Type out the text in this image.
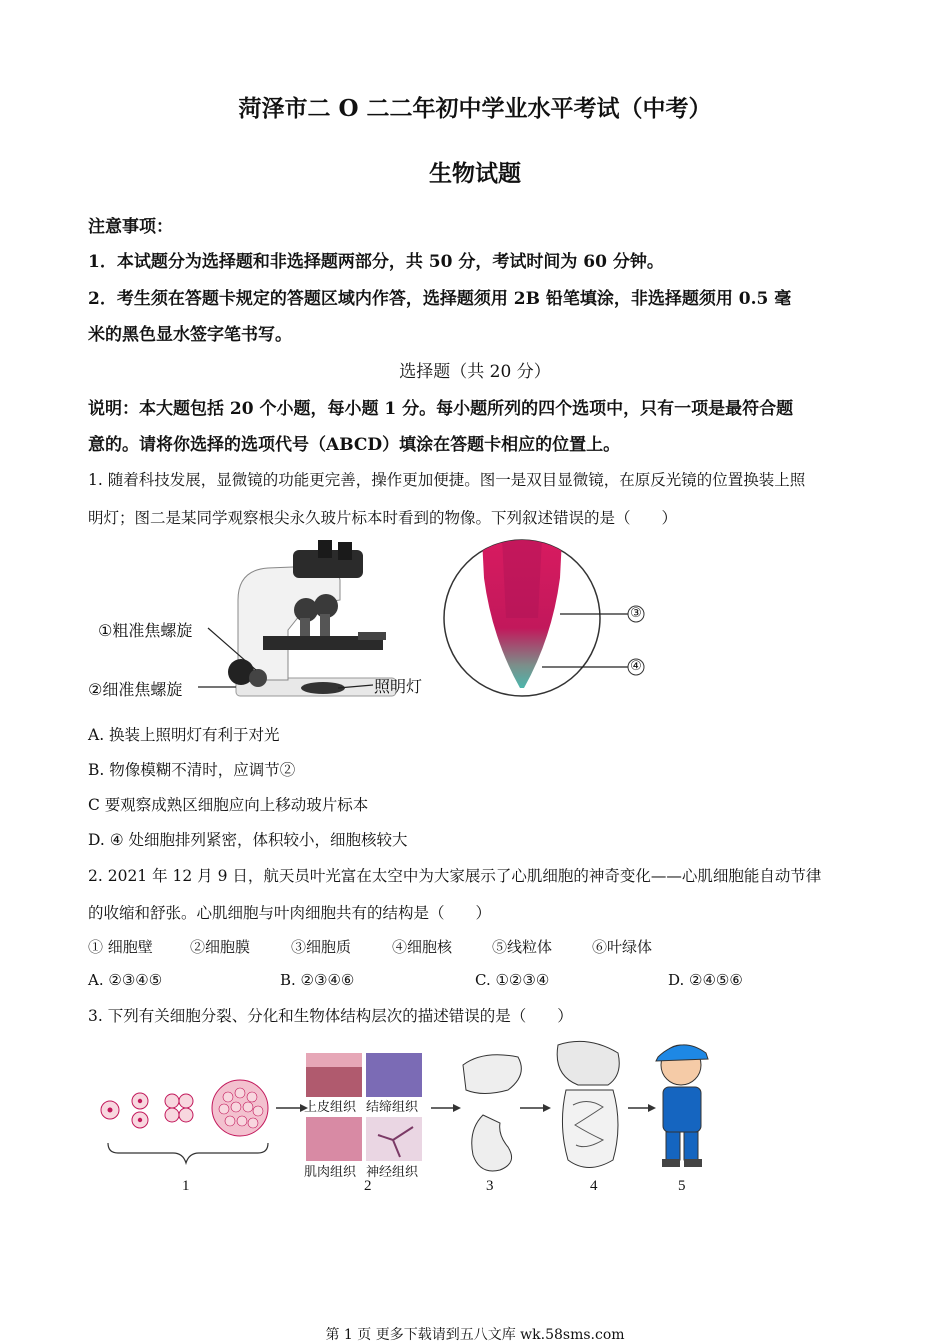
菏泽市二 O 二二年初中学业水平考试（中考）
生物试题
注意事项：
1．本试题分为选择题和非选择题两部分，共 50 分，考试时间为 60 分钟。
2．考生须在答题卡规定的答题区域内作答，选择题须用 2B 铅笔填涂，非选择题须用 0.5 毫
米的黑色显水签字笔书写。
选择题（共 20 分）
说明：本大题包括 20 个小题，每小题 1 分。每小题所列的四个选项中，只有一项是最符合题
意的。请将你选择的选项代号（ABCD）填涂在答题卡相应的位置上。
1. 随着科技发展，显微镜的功能更完善，操作更加便捷。图一是双目显微镜，在原反光镜的位置换装上照
明灯；图二是某同学观察根尖永久玻片标本时看到的物像。下列叙述错误的是（　　）
①粗准焦螺旋
②细准焦螺旋	照明灯
③
④
A. 换装上照明灯有利于对光
B. 物像模糊不清时，应调节②
C 要观察成熟区细胞应向上移动玻片标本
D. ④ 处细胞排列紧密，体积较小，细胞核较大
2. 2021 年 12 月 9 日，航天员叶光富在太空中为大家展示了心肌细胞的神奇变化——心肌细胞能自动节律
的收缩和舒张。心肌细胞与叶肉细胞共有的结构是（　　）
① 细胞壁 ②细胞膜	③细胞质	④细胞核	⑤线粒体	⑥叶绿体
A. ②③④⑤	B. ②③④⑥	C. ①②③④	D. ②④⑤⑥
3. 下列有关细胞分裂、分化和生物体结构层次的描述错误的是（　　）
上皮组织 结缔组织
肌肉组织 神经组织
1	2	3	4	5
第 1 页 更多下载请到五八文库 wk.58sms.com
